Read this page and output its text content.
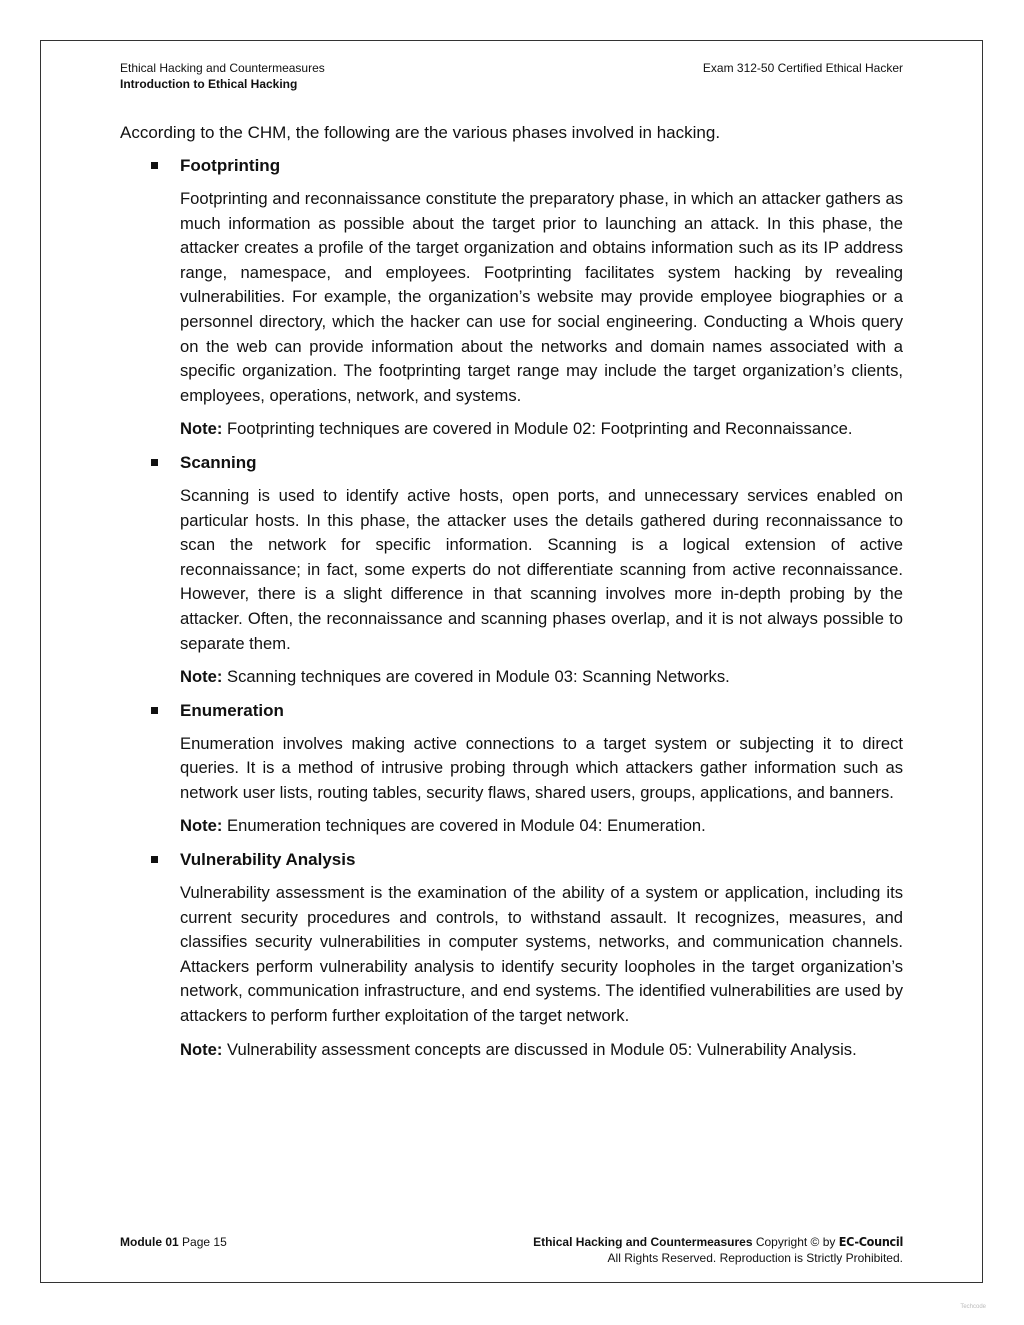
Ethical Hacking and Countermeasures
Introduction to Ethical Hacking
Exam 312-50 Certified Ethical Hacker

According to the CHM, the following are the various phases involved in hacking.

Footprinting

Footprinting and reconnaissance constitute the preparatory phase, in which an attacker gathers as much information as possible about the target prior to launching an attack. In this phase, the attacker creates a profile of the target organization and obtains information such as its IP address range, namespace, and employees. Footprinting facilitates system hacking by revealing vulnerabilities. For example, the organization’s website may provide employee biographies or a personnel directory, which the hacker can use for social engineering. Conducting a Whois query on the web can provide information about the networks and domain names associated with a specific organization. The footprinting target range may include the target organization’s clients, employees, operations, network, and systems.

Note: Footprinting techniques are covered in Module 02: Footprinting and Reconnaissance.

Scanning

Scanning is used to identify active hosts, open ports, and unnecessary services enabled on particular hosts. In this phase, the attacker uses the details gathered during reconnaissance to scan the network for specific information. Scanning is a logical extension of active reconnaissance; in fact, some experts do not differentiate scanning from active reconnaissance. However, there is a slight difference in that scanning involves more in-depth probing by the attacker. Often, the reconnaissance and scanning phases overlap, and it is not always possible to separate them.

Note: Scanning techniques are covered in Module 03: Scanning Networks.

Enumeration

Enumeration involves making active connections to a target system or subjecting it to direct queries. It is a method of intrusive probing through which attackers gather information such as network user lists, routing tables, security flaws, shared users, groups, applications, and banners.

Note: Enumeration techniques are covered in Module 04: Enumeration.

Vulnerability Analysis

Vulnerability assessment is the examination of the ability of a system or application, including its current security procedures and controls, to withstand assault. It recognizes, measures, and classifies security vulnerabilities in computer systems, networks, and communication channels. Attackers perform vulnerability analysis to identify security loopholes in the target organization’s network, communication infrastructure, and end systems. The identified vulnerabilities are used by attackers to perform further exploitation of the target network.

Note: Vulnerability assessment concepts are discussed in Module 05: Vulnerability Analysis.

Module 01 Page 15	Ethical Hacking and Countermeasures Copyright © by EC-Council
All Rights Reserved. Reproduction is Strictly Prohibited.
Techcode
